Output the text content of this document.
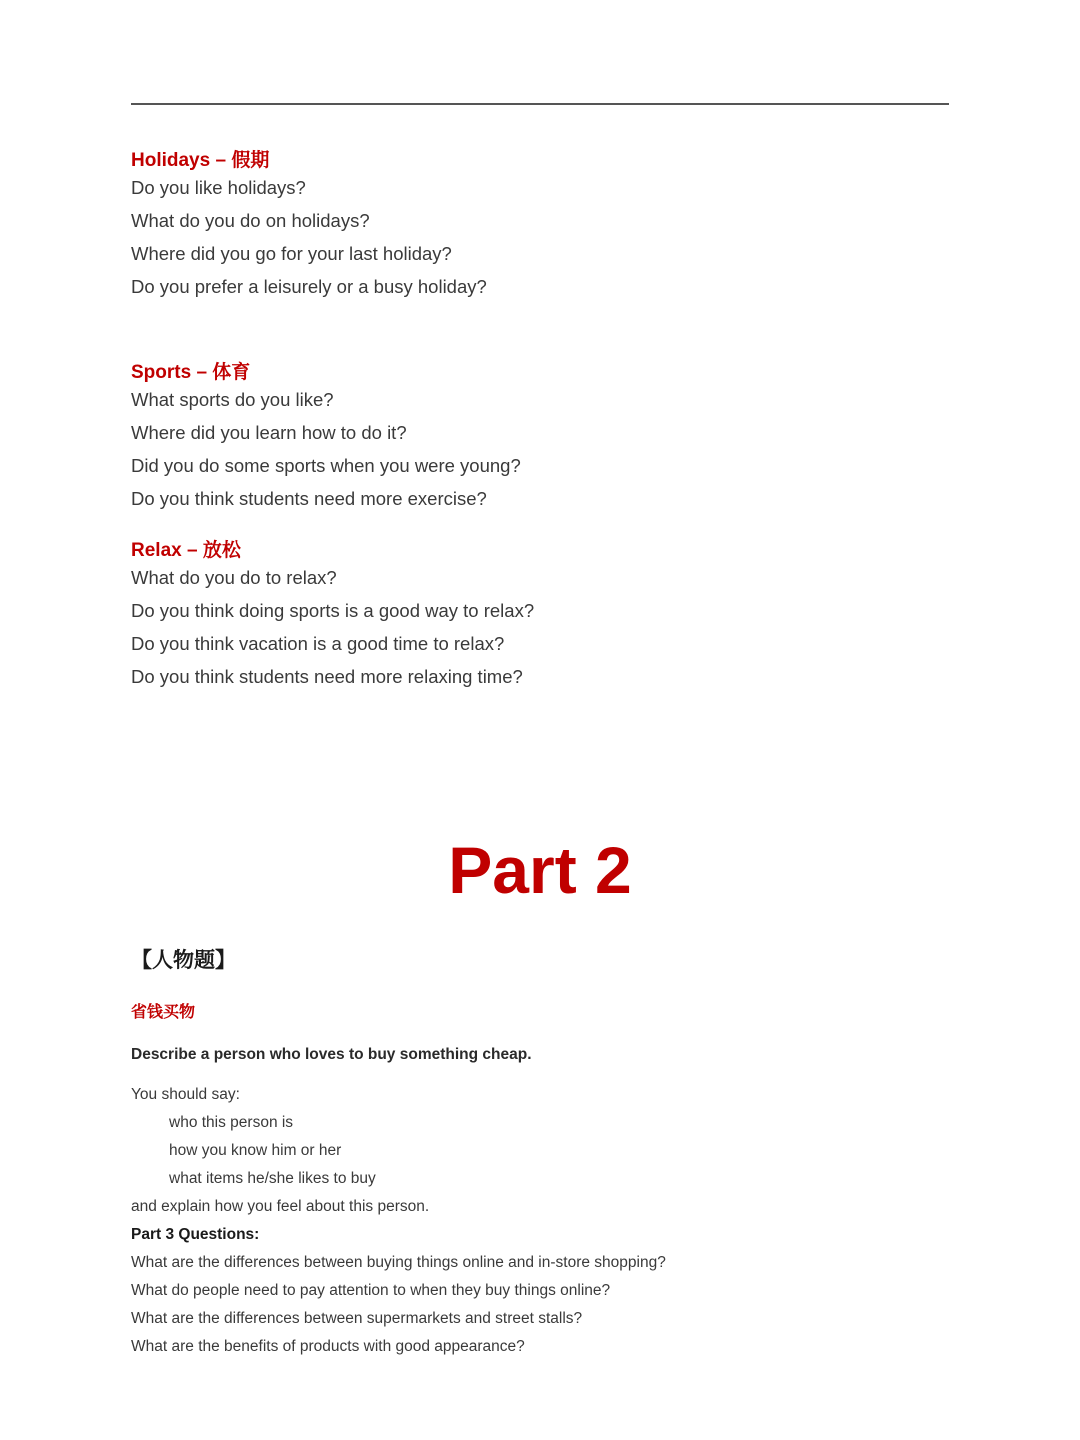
Holidays – 假期

Do you like holidays?
What do you do on holidays?
Where did you go for your last holiday?
Do you prefer a leisurely or a busy holiday?

Sports – 体育

What sports do you like?
Where did you learn how to do it?
Did you do some sports when you were young?
Do you think students need more exercise?

Relax – 放松

What do you do to relax?
Do you think doing sports is a good way to relax?
Do you think vacation is a good time to relax?
Do you think students need more relaxing time?
Part 2

【人物题】

省钱买物

Describe a person who loves to buy something cheap.

You should say:

who this person is

how you know him or her

what items he/she likes to buy

and explain how you feel about this person.

Part 3 Questions:

What are the differences between buying things online and in-store shopping?

What do people need to pay attention to when they buy things online?

What are the differences between supermarkets and street stalls?

What are the benefits of products with good appearance?
